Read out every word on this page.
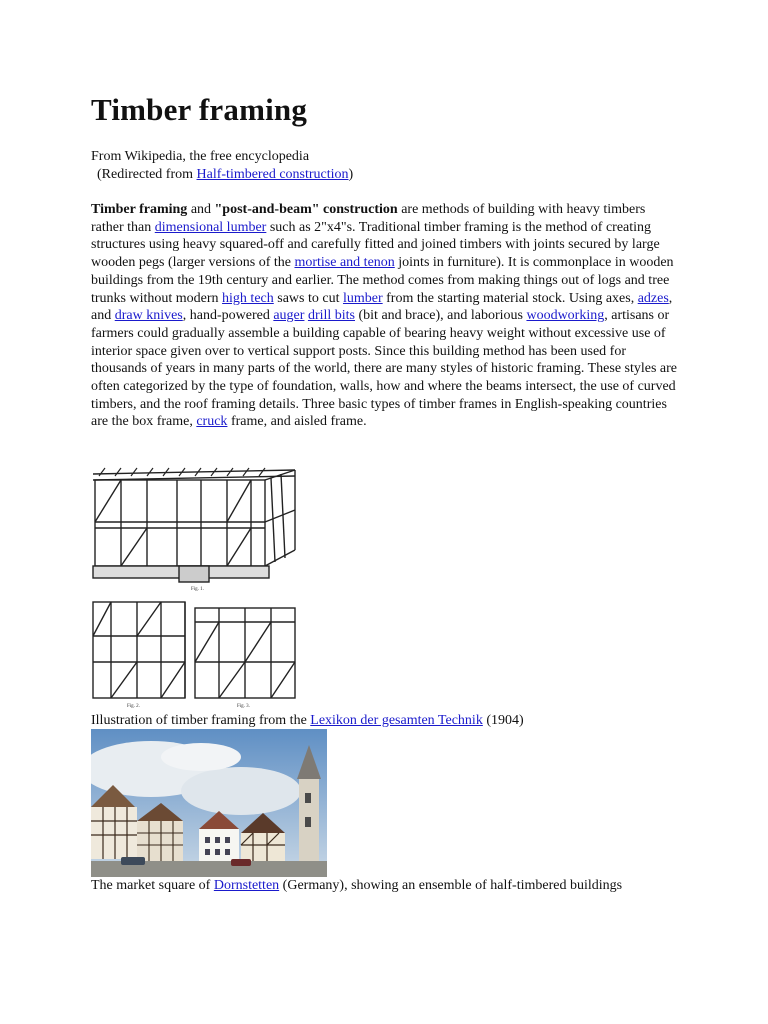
Timber framing
From Wikipedia, the free encyclopedia
(Redirected from Half-timbered construction)
Timber framing and "post-and-beam" construction are methods of building with heavy timbers rather than dimensional lumber such as 2"x4"s. Traditional timber framing is the method of creating structures using heavy squared-off and carefully fitted and joined timbers with joints secured by large wooden pegs (larger versions of the mortise and tenon joints in furniture). It is commonplace in wooden buildings from the 19th century and earlier. The method comes from making things out of logs and tree trunks without modern high tech saws to cut lumber from the starting material stock. Using axes, adzes, and draw knives, hand-powered auger drill bits (bit and brace), and laborious woodworking, artisans or farmers could gradually assemble a building capable of bearing heavy weight without excessive use of interior space given over to vertical support posts. Since this building method has been used for thousands of years in many parts of the world, there are many styles of historic framing. These styles are often categorized by the type of foundation, walls, how and where the beams intersect, the use of curved timbers, and the roof framing details. Three basic types of timber frames in English-speaking countries are the box frame, cruck frame, and aisled frame.
Fig. 1.
Fig. 2.	Fig. 3.
Illustration of timber framing from the Lexikon der gesamten Technik (1904)
The market square of Dornstetten (Germany), showing an ensemble of half-timbered buildings
